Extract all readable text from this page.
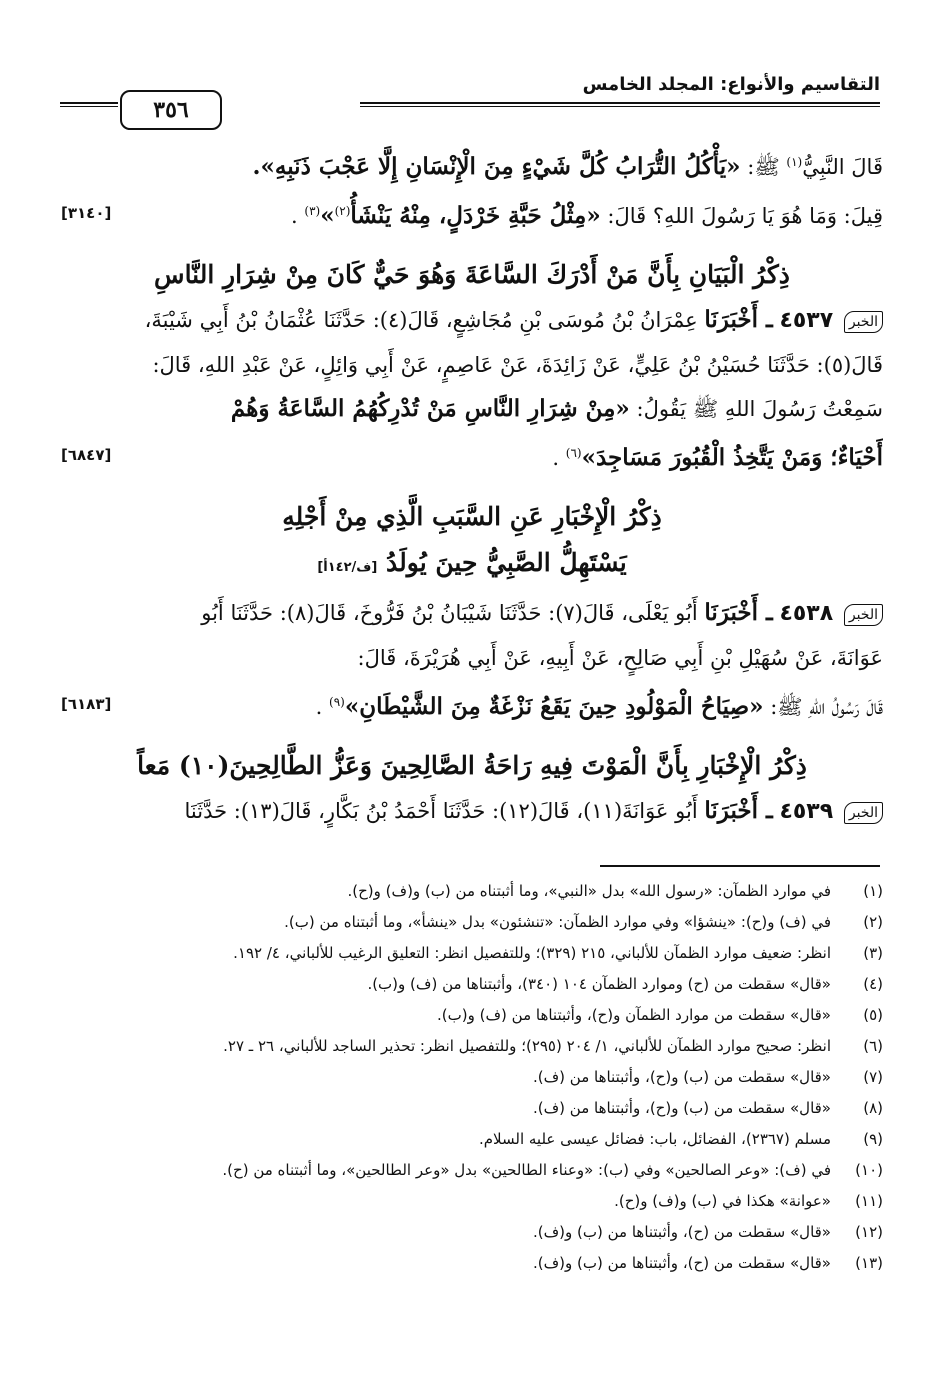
التقاسيم والأنواع: المجلد الخامس
٣٥٦
قَالَ النَّبِيُّ$^{(١)}$ ﷺ: «يَأْكُلُ التُّرَابُ كُلَّ شَيْءٍ مِنَ الْإِنْسَانِ إِلَّا عَجْبَ ذَنَبِهِ».
[٣١٤٠]	قِيلَ: وَمَا هُوَ يَا رَسُولَ اللهِ؟ قَالَ: «مِثْلُ حَبَّةِ خَرْدَلٍ، مِنْهُ يَنْشَأُ$^{(٢)}$»$^{(٣)}$ .
ذِكْرُ الْبَيَانِ بِأَنَّ مَنْ أَدْرَكَ السَّاعَةَ وَهُوَ حَيٌّ كَانَ مِنْ شِرَارِ النَّاسِ
الخبر ٤٥٣٧ ـ أَخْبَرَنَا عِمْرَانُ بْنُ مُوسَى بْنِ مُجَاشِعٍ، قَالَ(٤): حَدَّثَنَا عُثْمَانُ بْنُ أَبِي شَيْبَةَ،
قَالَ(٥): حَدَّثَنَا حُسَيْنُ بْنُ عَلِيٍّ، عَنْ زَائِدَةَ، عَنْ عَاصِمٍ، عَنْ أَبِي وَائِلٍ، عَنْ عَبْدِ اللهِ، قَالَ:
سَمِعْتُ رَسُولَ اللهِ ﷺ يَقُولُ: «مِنْ شِرَارِ النَّاسِ مَنْ تُدْرِكُهُمُ السَّاعَةُ وَهُمْ
[٦٨٤٧]	أَحْيَاءٌ؛ وَمَنْ يَتَّخِذُ الْقُبُورَ مَسَاجِدَ»$^{(٦)}$ .
ذِكْرُ الْإِخْبَارِ عَنِ السَّبَبِ الَّذِي مِنْ أَجْلِهِ
يَسْتَهِلُّ الصَّبِيُّ حِينَ يُولَدُ [ف/١٤٢أ]
الخبر ٤٥٣٨ ـ أَخْبَرَنَا أَبُو يَعْلَى، قَالَ(٧): حَدَّثَنَا شَيْبَانُ بْنُ فَرُّوخَ، قَالَ(٨): حَدَّثَنَا أَبُو
عَوَانَةَ، عَنْ سُهَيْلِ بْنِ أَبِي صَالِحٍ، عَنْ أَبِيهِ، عَنْ أَبِي هُرَيْرَةَ، قَالَ:
[٦١٨٣]	قَالَ رَسُولُ اللهِ ﷺ: «صِيَاحُ الْمَوْلُودِ حِينَ يَقَعُ نَزْغَةٌ مِنَ الشَّيْطَانِ»$^{(٩)}$ .
ذِكْرُ الْإِخْبَارِ بِأَنَّ الْمَوْتَ فِيهِ رَاحَةُ الصَّالِحِينَ وَعَزُّ الطَّالِحِينَ(١٠) مَعاً
الخبر ٤٥٣٩ ـ أَخْبَرَنَا أَبُو عَوَانَةَ(١١)، قَالَ(١٢): حَدَّثَنَا أَحْمَدُ بْنُ بَكَّارٍ، قَالَ(١٣): حَدَّثَنَا
(١)
في موارد الظمآن: «رسول الله» بدل «النبي»، وما أثبتناه من (ب) و(ف) و(ح).
(٢)
في (ف) و(ح): «ينشؤا» وفي موارد الظمآن: «تنشئون» بدل «ينشأ»، وما أثبتناه من (ب).
(٣)
انظر: ضعيف موارد الظمآن للألباني، ٢١٥ (٣٢٩)؛ وللتفصيل انظر: التعليق الرغيب للألباني، ٤/ ١٩٢.
(٤)
«قال» سقطت من (ح) وموارد الظمآن ١٠٤ (٣٤٠)، وأثبتناها من (ف) و(ب).
(٥)
«قال» سقطت من موارد الظمآن و(ح)، وأثبتناها من (ف) و(ب).
(٦)
انظر: صحيح موارد الظمآن للألباني، ١/ ٢٠٤ (٢٩٥)؛ وللتفصيل انظر: تحذير الساجد للألباني، ٢٦ ـ ٢٧.
(٧)
«قال» سقطت من (ب) و(ح)، وأثبتناها من (ف).
(٨)
«قال» سقطت من (ب) و(ح)، وأثبتناها من (ف).
(٩)
مسلم (٢٣٦٧)، الفضائل، باب: فضائل عيسى عليه السلام.
(١٠)
في (ف): «وعر الصالحين» وفي (ب): «وعناء الطالحين» بدل «وعر الطالحين»، وما أثبتناه من (ح).
(١١)
«عوانة» هكذا في (ب) و(ف) و(ح).
(١٢)
«قال» سقطت من (ح)، وأثبتناها من (ب) و(ف).
(١٣)
«قال» سقطت من (ح)، وأثبتناها من (ب) و(ف).
